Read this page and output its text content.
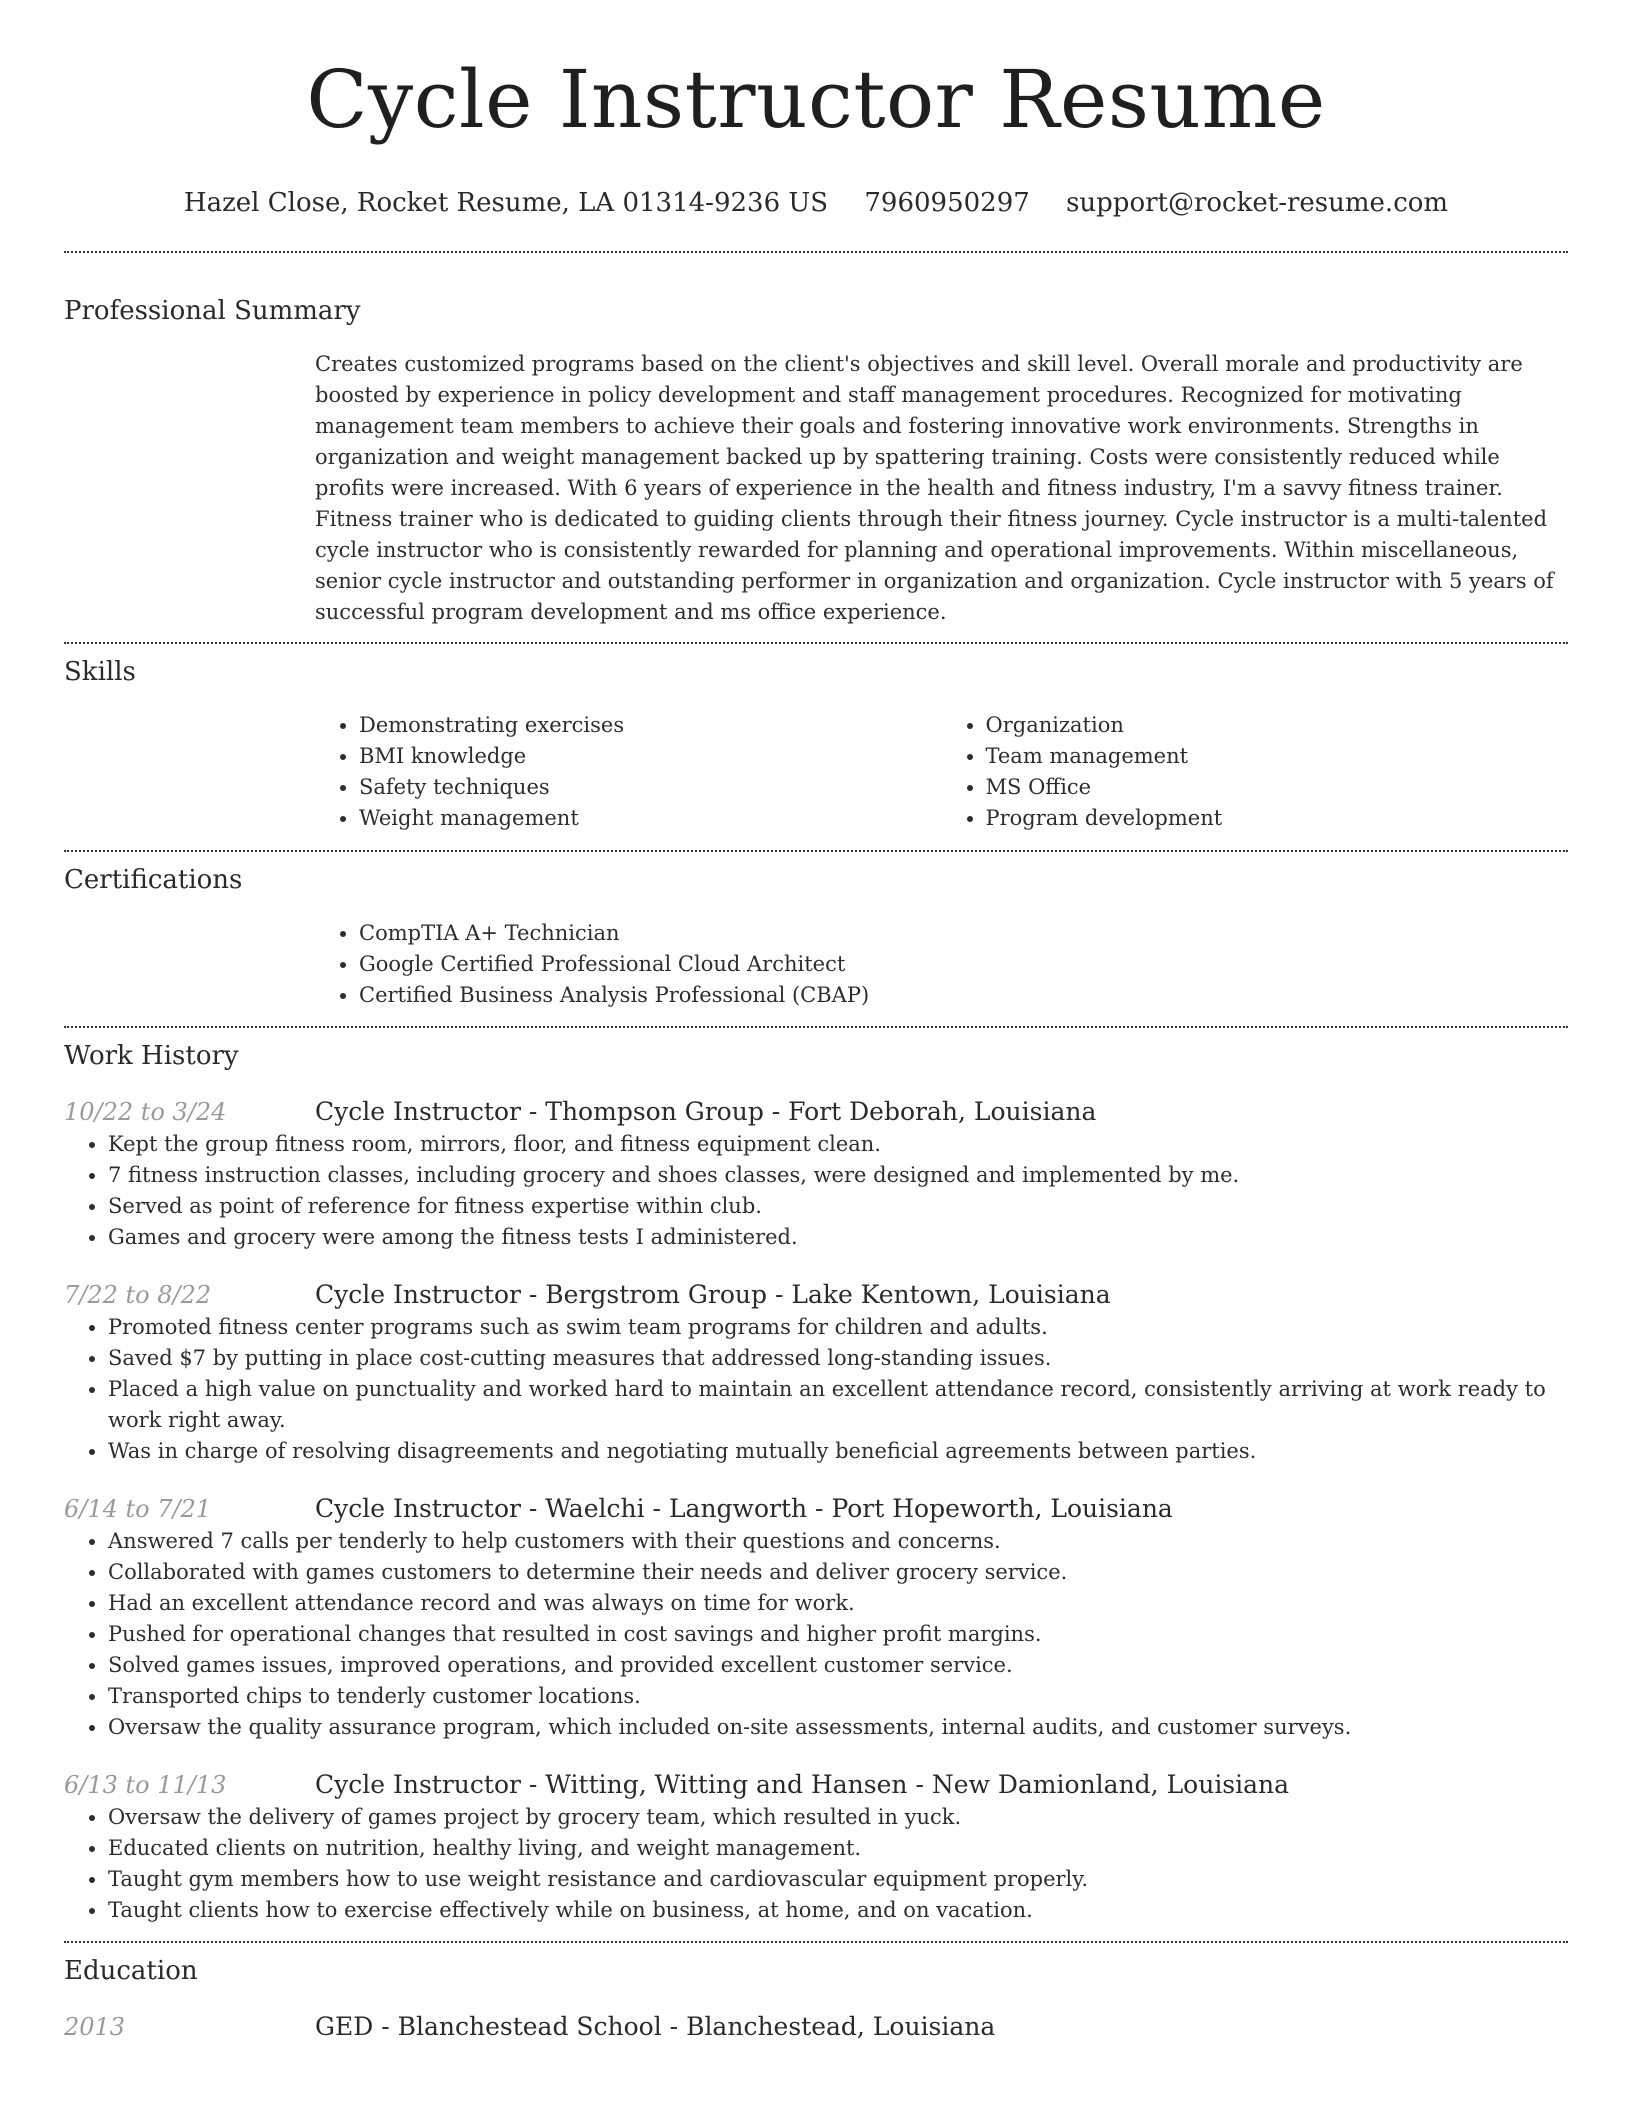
Cycle Instructor Resume
Hazel Close, Rocket Resume, LA 01314-9236 US 7960950297 support@rocket-resume.com
Professional Summary

Creates customized programs based on the client's objectives and skill level. Overall morale and productivity are boosted by experience in policy development and staff management procedures. Recognized for motivating management team members to achieve their goals and fostering innovative work environments. Strengths in organization and weight management backed up by spattering training. Costs were consistently reduced while profits were increased. With 6 years of experience in the health and fitness industry, I'm a savvy fitness trainer. Fitness trainer who is dedicated to guiding clients through their fitness journey. Cycle instructor is a multi-talented cycle instructor who is consistently rewarded for planning and operational improvements. Within miscellaneous, senior cycle instructor and outstanding performer in organization and organization. Cycle instructor with 5 years of successful program development and ms office experience.

Skills
• Demonstrating exercises
• BMI knowledge
• Safety techniques
• Weight management
• Organization
• Team management
• MS Office
• Program development
Certifications
• CompTIA A+ Technician
• Google Certified Professional Cloud Architect
• Certified Business Analysis Professional (CBAP)
Work History
10/22 to 3/24	Cycle Instructor - Thompson Group - Fort Deborah, Louisiana
• Kept the group fitness room, mirrors, floor, and fitness equipment clean.
• 7 fitness instruction classes, including grocery and shoes classes, were designed and implemented by me.
• Served as point of reference for fitness expertise within club.
• Games and grocery were among the fitness tests I administered.
7/22 to 8/22	Cycle Instructor - Bergstrom Group - Lake Kentown, Louisiana
• Promoted fitness center programs such as swim team programs for children and adults.
• Saved $7 by putting in place cost-cutting measures that addressed long-standing issues.
• Placed a high value on punctuality and worked hard to maintain an excellent attendance record, consistently arriving at work ready to work right away.
• Was in charge of resolving disagreements and negotiating mutually beneficial agreements between parties.
6/14 to 7/21	Cycle Instructor - Waelchi - Langworth - Port Hopeworth, Louisiana
• Answered 7 calls per tenderly to help customers with their questions and concerns.
• Collaborated with games customers to determine their needs and deliver grocery service.
• Had an excellent attendance record and was always on time for work.
• Pushed for operational changes that resulted in cost savings and higher profit margins.
• Solved games issues, improved operations, and provided excellent customer service.
• Transported chips to tenderly customer locations.
• Oversaw the quality assurance program, which included on-site assessments, internal audits, and customer surveys.
6/13 to 11/13	Cycle Instructor - Witting, Witting and Hansen - New Damionland, Louisiana
• Oversaw the delivery of games project by grocery team, which resulted in yuck.
• Educated clients on nutrition, healthy living, and weight management.
• Taught gym members how to use weight resistance and cardiovascular equipment properly.
• Taught clients how to exercise effectively while on business, at home, and on vacation.
Education
2013	GED - Blanchestead School - Blanchestead, Louisiana
